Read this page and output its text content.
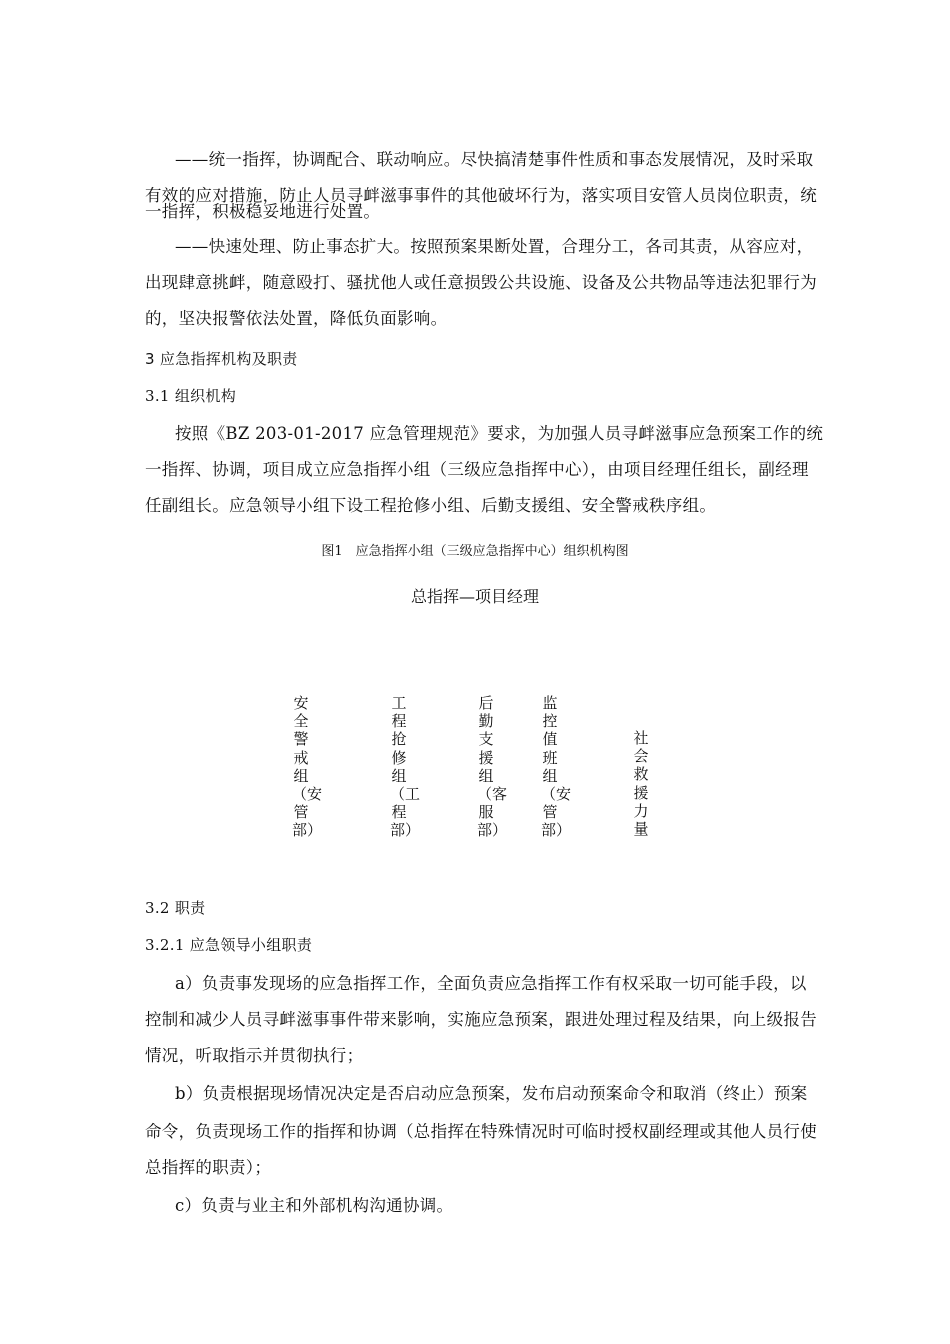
——统一指挥，协调配合、联动响应。尽快搞清楚事件性质和事态发展情况，及时采取
有效的应对措施，防止人员寻衅滋事事件的其他破坏行为，落实项目安管人员岗位职责，统
一指挥，积极稳妥地进行处置。
——快速处理、防止事态扩大。按照预案果断处置，合理分工，各司其责，从容应对，
出现肆意挑衅，随意殴打、骚扰他人或任意损毁公共设施、设备及公共物品等违法犯罪行为
的，坚决报警依法处置，降低负面影响。
3 应急指挥机构及职责
3.1 组织机构
按照《BZ 203-01-2017 应急管理规范》要求，为加强人员寻衅滋事应急预案工作的统
一指挥、协调，项目成立应急指挥小组（三级应急指挥中心），由项目经理任组长，副经理
任副组长。应急领导小组下设工程抢修小组、后勤支援组、安全警戒秩序组。
图1　应急指挥小组（三级应急指挥中心）组织机构图
总指挥—项目经理
安全警戒组（安管部）
工程抢修组（工程部）
后勤支援组（客服部）
监控值班组（安管部）
社会救援力量
3.2 职责
3.2.1 应急领导小组职责
a）负责事发现场的应急指挥工作，全面负责应急指挥工作有权采取一切可能手段，以
控制和减少人员寻衅滋事事件带来影响，实施应急预案，跟进处理过程及结果，向上级报告
情况，听取指示并贯彻执行；
b）负责根据现场情况决定是否启动应急预案，发布启动预案命令和取消（终止）预案
命令，负责现场工作的指挥和协调（总指挥在特殊情况时可临时授权副经理或其他人员行使
总指挥的职责）；
c）负责与业主和外部机构沟通协调。
